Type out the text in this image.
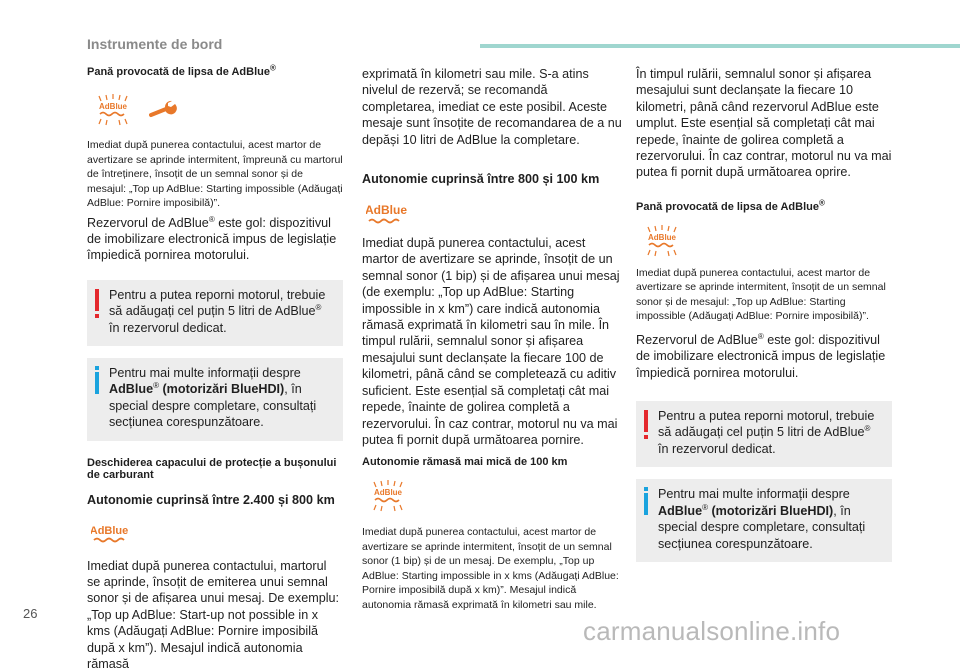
Instrumente de bord
Pană provocată de lipsa de AdBlue®
AdBlue
Imediat după punerea contactului, acest martor de avertizare se aprinde intermitent, împreună cu martorul de întreținere, însoțit de un semnal sonor și de mesajul: „Top up AdBlue: Starting impossible (Adăugați AdBlue: Pornire imposibilă)”.
Rezervorul de AdBlue® este gol: dispozitivul de imobilizare electronică impus de legislație împiedică pornirea motorului.
Pentru a putea reporni motorul, trebuie să adăugați cel puțin 5 litri de AdBlue® în rezervorul dedicat.
Pentru mai multe informații despre AdBlue® (motorizări BlueHDI), în special despre completare, consultați secțiunea corespunzătoare.
Deschiderea capacului de protecție a bușonului de carburant
Autonomie cuprinsă între 2.400 și 800 km
AdBlue
Imediat după punerea contactului, martorul se aprinde, însoțit de emiterea unui semnal sonor și de afișarea unui mesaj. De exemplu: „Top up AdBlue: Start-up not possible in x kms (Adăugați AdBlue: Pornire imposibilă după x km”). Mesajul indică autonomia rămasă
exprimată în kilometri sau mile. S-a atins nivelul de rezervă; se recomandă completarea, imediat ce este posibil. Aceste mesaje sunt însoțite de recomandarea de a nu depăși 10 litri de AdBlue la completare.
Autonomie cuprinsă între 800 și 100 km
AdBlue
Imediat după punerea contactului, acest martor de avertizare se aprinde, însoțit de un semnal sonor (1 bip) și de afișarea unui mesaj (de exemplu: „Top up AdBlue: Starting impossible in x km”) care indică autonomia rămasă exprimată în kilometri sau în mile. În timpul rulării, semnalul sonor și afișarea mesajului sunt declanșate la fiecare 100 de kilometri, până când se completează cu aditiv suficient. Este esențial să completați cât mai repede, înainte de golirea completă a rezervorului. În caz contrar, motorul nu va mai putea fi pornit după următoarea pornire.
Autonomie rămasă mai mică de 100 km
AdBlue
Imediat după punerea contactului, acest martor de avertizare se aprinde intermitent, însoțit de un semnal sonor (1 bip) și de un mesaj. De exemplu, „Top up AdBlue: Starting impossible in x kms (Adăugați AdBlue: Pornire imposibilă după x km)”. Mesajul indică autonomia rămasă exprimată în kilometri sau mile.
În timpul rulării, semnalul sonor și afișarea mesajului sunt declanșate la fiecare 10 kilometri, până când rezervorul AdBlue este umplut. Este esențial să completați cât mai repede, înainte de golirea completă a rezervorului. În caz contrar, motorul nu va mai putea fi pornit după următoarea oprire.
Pană provocată de lipsa de AdBlue®
AdBlue
Imediat după punerea contactului, acest martor de avertizare se aprinde intermitent, însoțit de un semnal sonor și de mesajul: „Top up AdBlue: Starting impossible (Adăugați AdBlue: Pornire imposibilă)”.
Rezervorul de AdBlue® este gol: dispozitivul de imobilizare electronică impus de legislație împiedică pornirea motorului.
Pentru a putea reporni motorul, trebuie să adăugați cel puțin 5 litri de AdBlue® în rezervorul dedicat.
Pentru mai multe informații despre AdBlue® (motorizări BlueHDI), în special despre completare, consultați secțiunea corespunzătoare.
26
carmanualsonline.info
